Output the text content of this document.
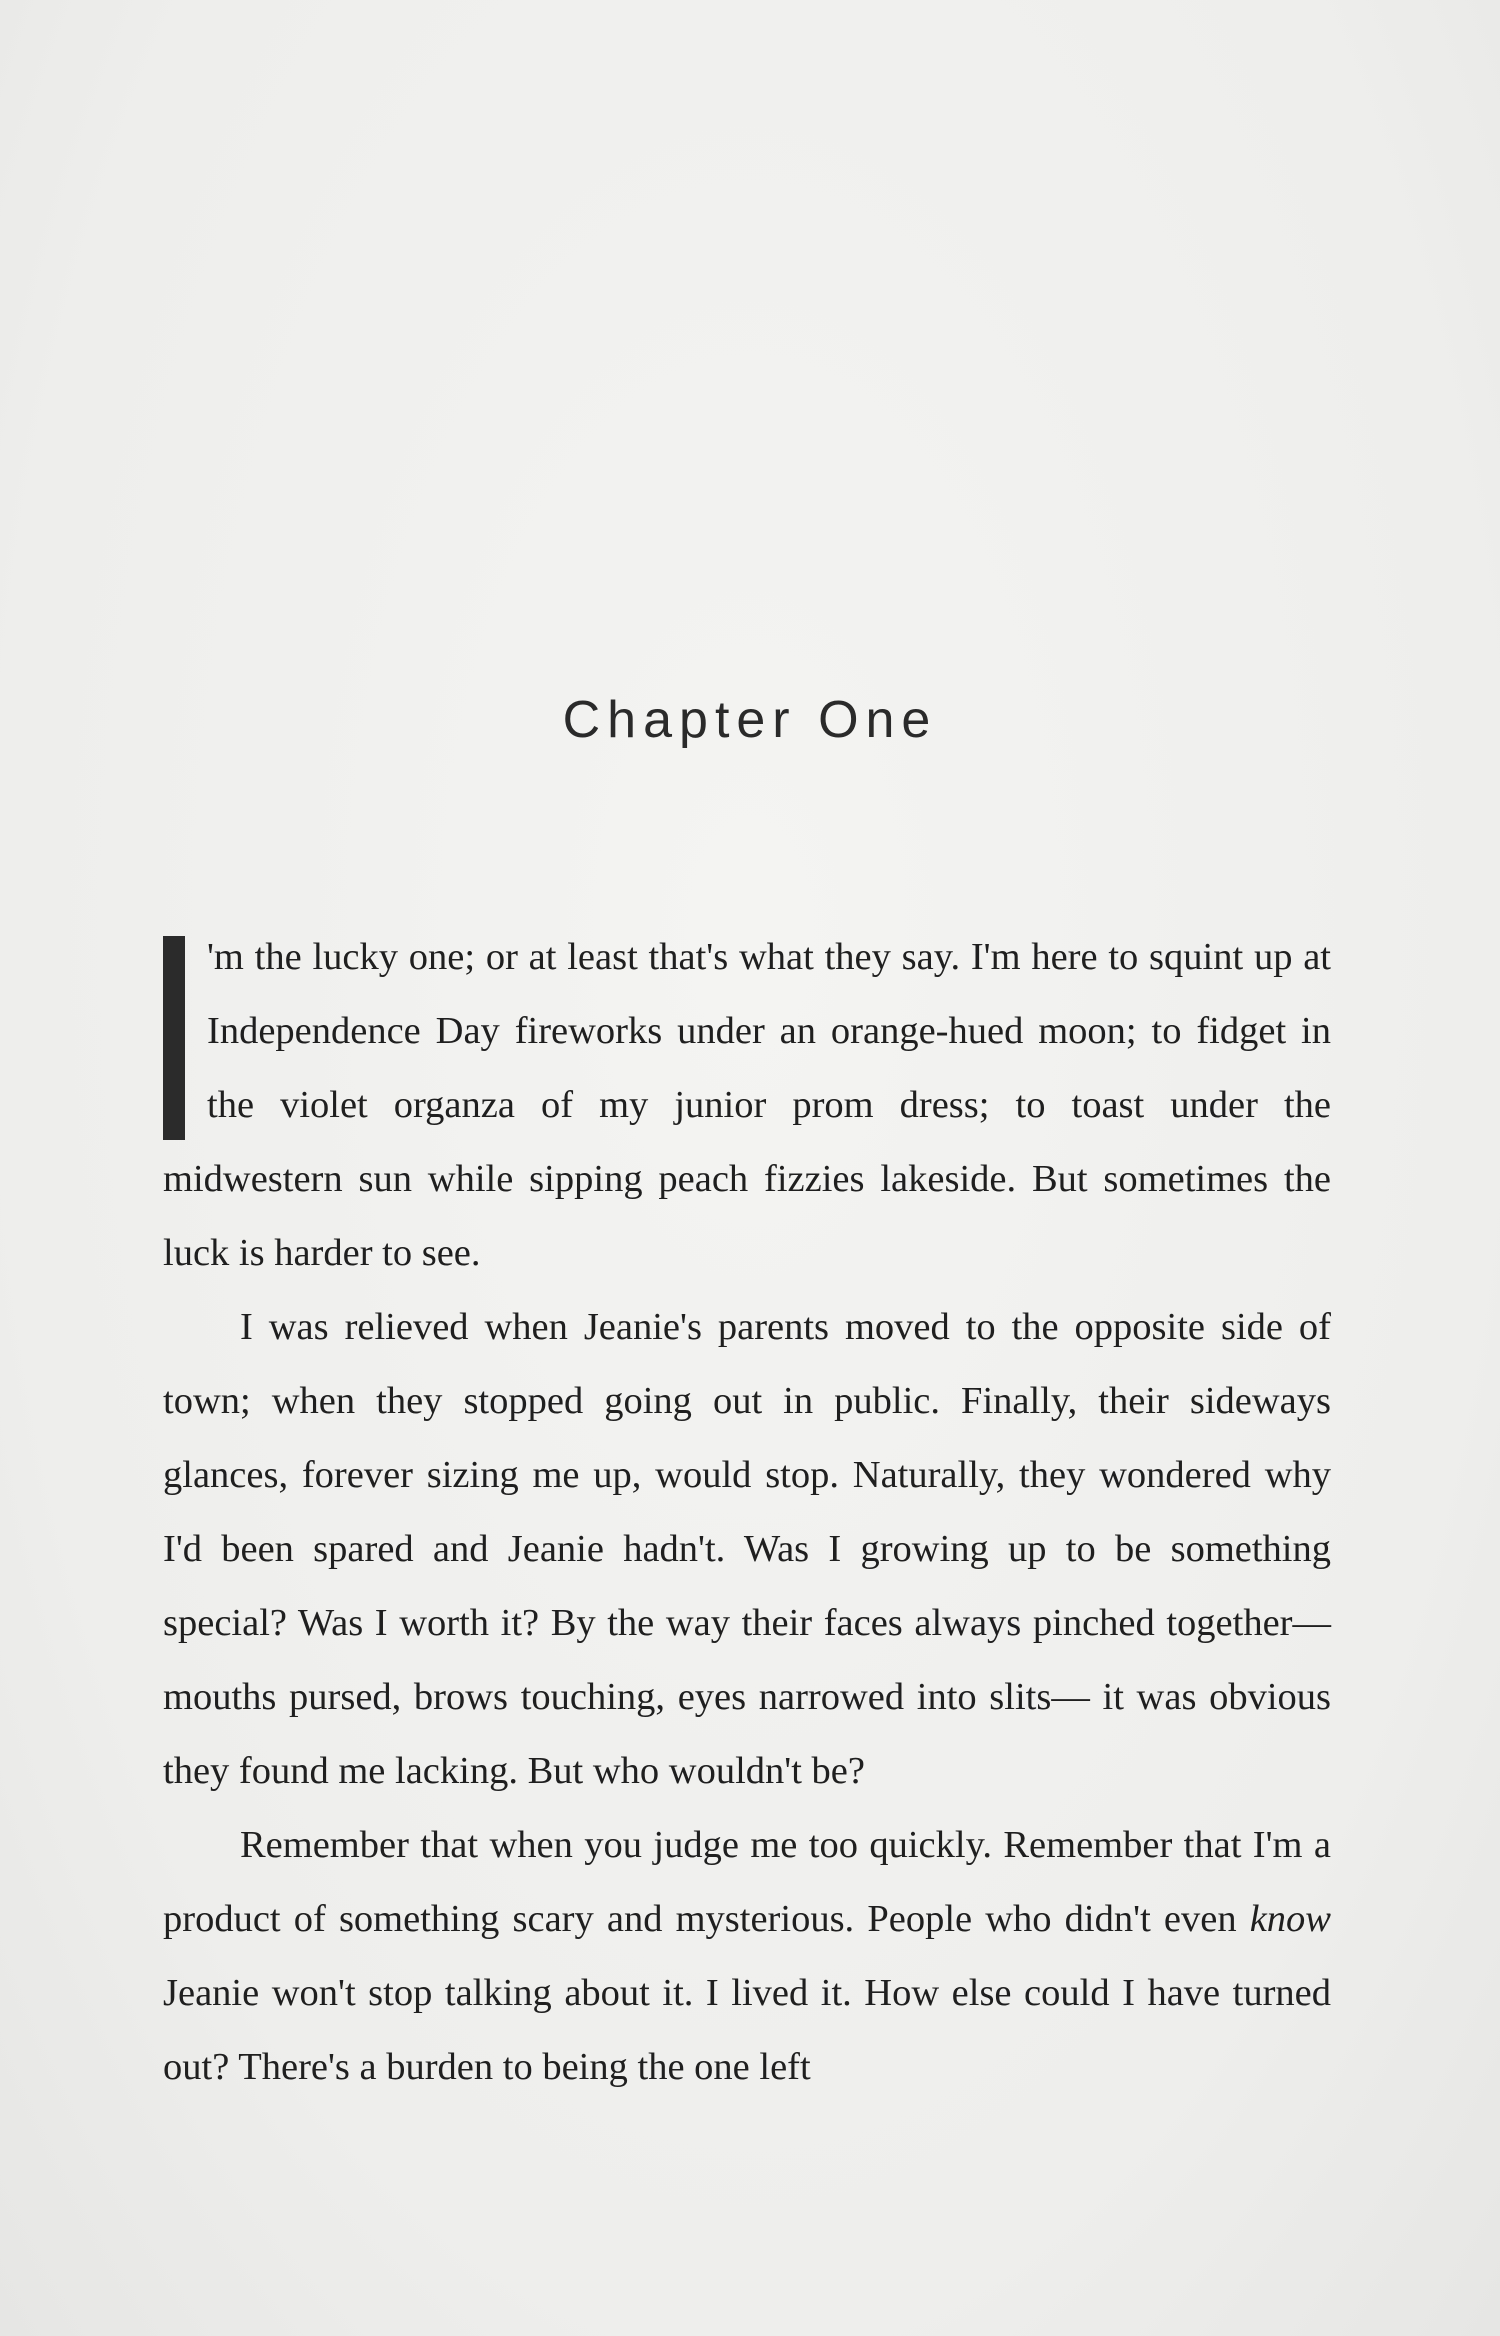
Chapter One

'm the lucky one; or at least that's what they say. I'm here to squint up at Independence Day fireworks under an orange-hued moon; to fidget in the violet organza of my junior prom dress; to toast under the midwestern sun while sipping peach fizzies lakeside. But sometimes the luck is harder to see.

I was relieved when Jeanie's parents moved to the opposite side of town; when they stopped going out in public. Finally, their sideways glances, forever sizing me up, would stop. Naturally, they wondered why I'd been spared and Jeanie hadn't. Was I growing up to be something special? Was I worth it? By the way their faces always pinched together—mouths pursed, brows touching, eyes narrowed into slits— it was obvious they found me lacking. But who wouldn't be?

Remember that when you judge me too quickly. Remember that I'm a product of something scary and mysterious. People who didn't even know Jeanie won't stop talking about it. I lived it. How else could I have turned out? There's a burden to being the one left
